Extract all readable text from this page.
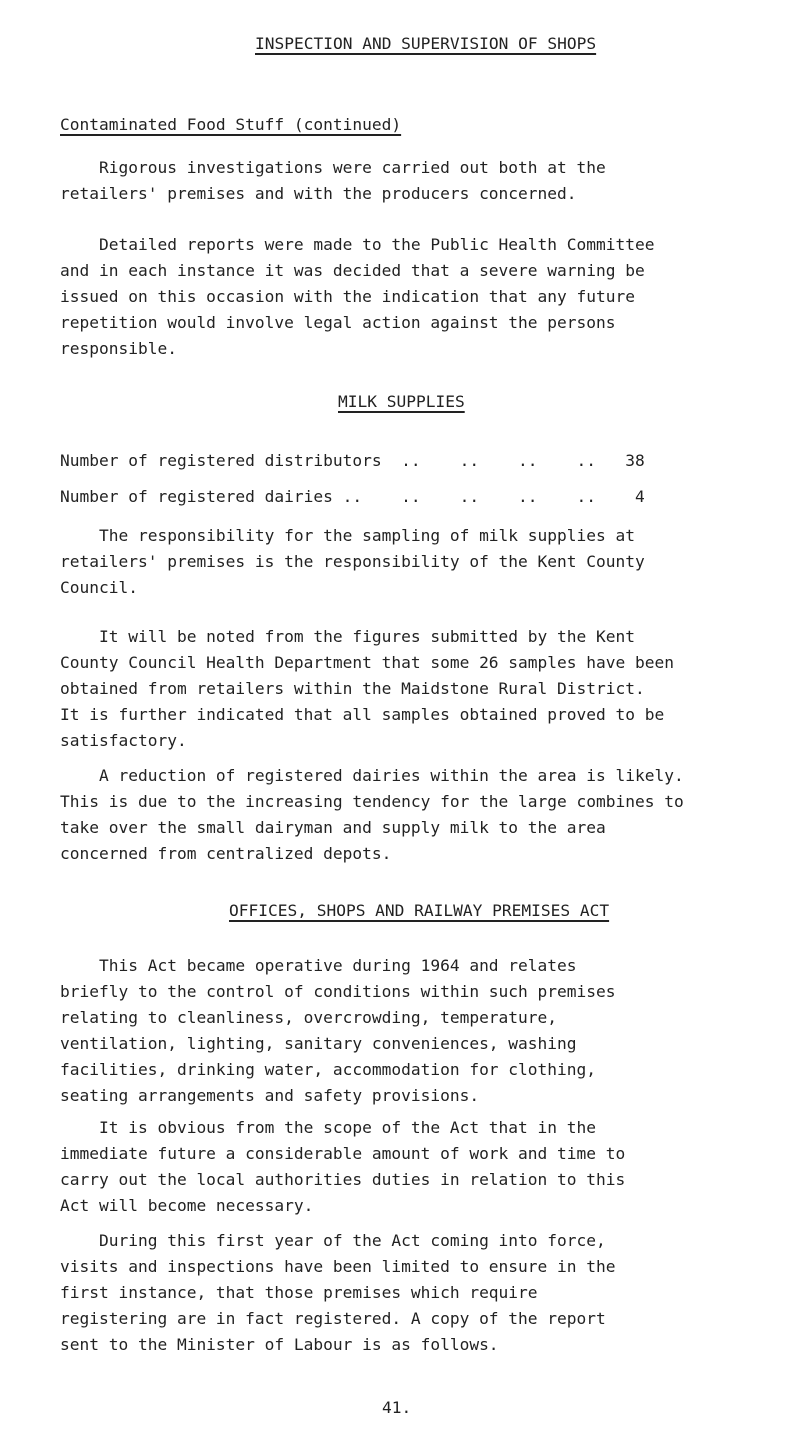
INSPECTION AND SUPERVISION OF SHOPS
Contaminated Food Stuff (continued)
Rigorous investigations were carried out both at the
retailers' premises and with the producers concerned.
Detailed reports were made to the Public Health Committee
and in each instance it was decided that a severe warning be
issued on this occasion with the indication that any future
repetition would involve legal action against the persons
responsible.
MILK SUPPLIES
Number of registered distributors  ..    ..    ..    .. 38
Number of registered dairies ..    ..    ..    ..    .. 4
The responsibility for the sampling of milk supplies at
retailers' premises is the responsibility of the Kent County
Council.
It will be noted from the figures submitted by the Kent
County Council Health Department that some 26 samples have been
obtained from retailers within the Maidstone Rural District.
It is further indicated that all samples obtained proved to be
satisfactory.
A reduction of registered dairies within the area is likely.
This is due to the increasing tendency for the large combines to
take over the small dairyman and supply milk to the area
concerned from centralized depots.
OFFICES, SHOPS AND RAILWAY PREMISES ACT
This Act became operative during 1964 and relates
briefly to the control of conditions within such premises
relating to cleanliness, overcrowding, temperature,
ventilation, lighting, sanitary conveniences, washing
facilities, drinking water, accommodation for clothing,
seating arrangements and safety provisions.
It is obvious from the scope of the Act that in the
immediate future a considerable amount of work and time to
carry out the local authorities duties in relation to this
Act will become necessary.
During this first year of the Act coming into force,
visits and inspections have been limited to ensure in the
first instance, that those premises which require
registering are in fact registered. A copy of the report
sent to the Minister of Labour is as follows.
41.
